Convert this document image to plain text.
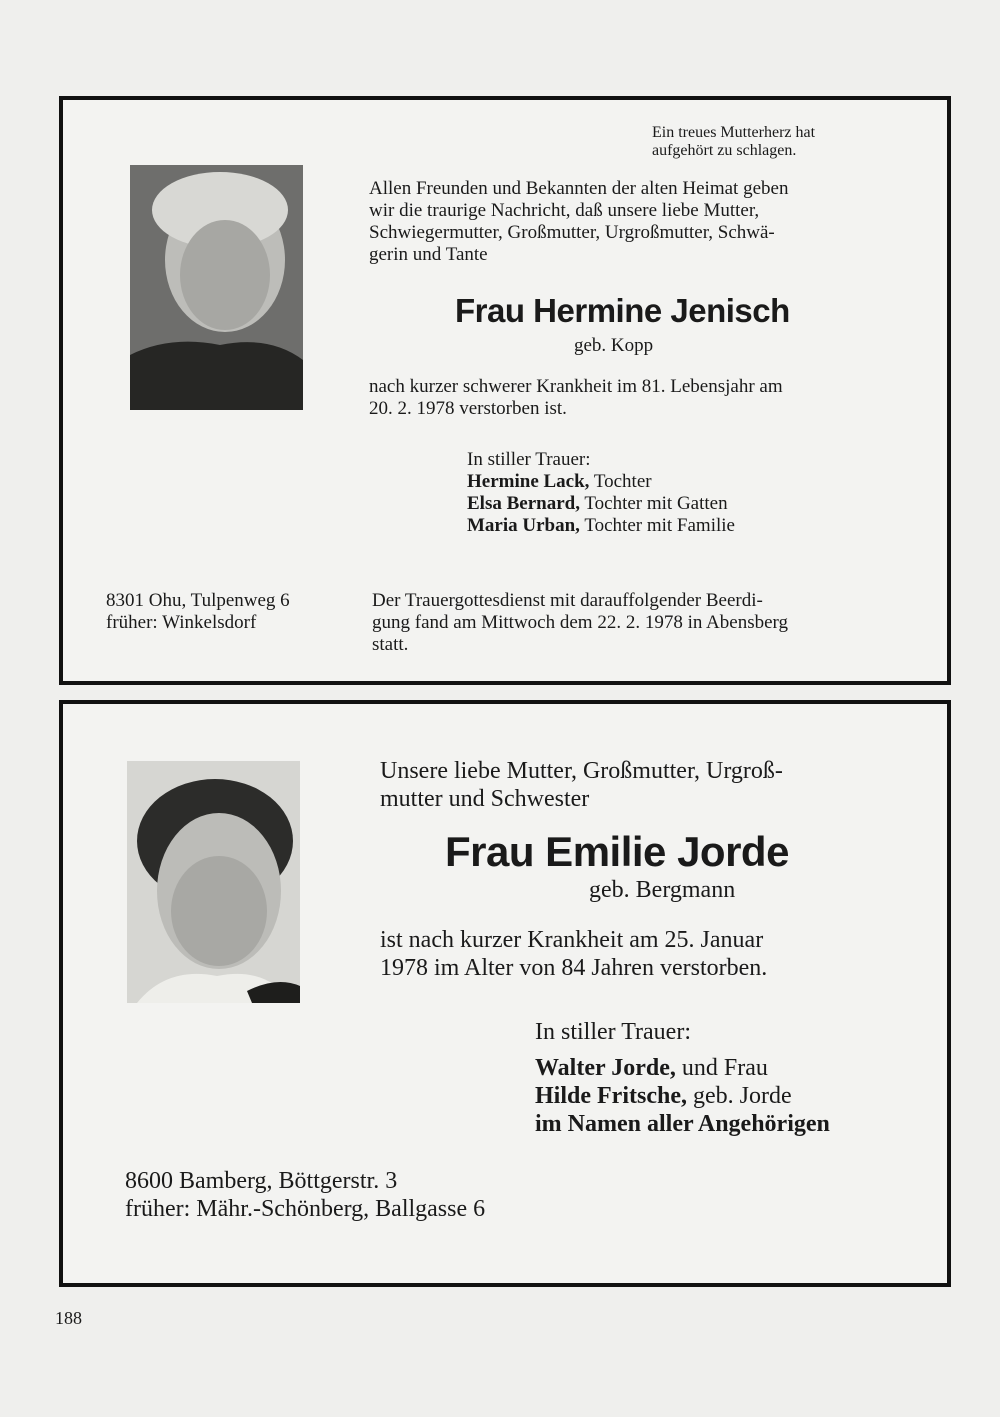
Ein treues Mutterherz hat
aufgehört zu schlagen.
Allen Freunden und Bekannten der alten Heimat geben
wir die traurige Nachricht, daß unsere liebe Mutter,
Schwiegermutter, Großmutter, Urgroßmutter, Schwä-
gerin und Tante
Frau Hermine Jenisch
geb. Kopp
nach kurzer schwerer Krankheit im 81. Lebensjahr am
20. 2. 1978 verstorben ist.
In stiller Trauer:
Hermine Lack, Tochter
Elsa Bernard, Tochter mit Gatten
Maria Urban, Tochter mit Familie
8301 Ohu, Tulpenweg 6
früher: Winkelsdorf
Der Trauergottesdienst mit darauffolgender Beerdi-
gung fand am Mittwoch dem 22. 2. 1978 in Abensberg
statt.
Unsere liebe Mutter, Großmutter, Urgroß-
mutter und Schwester
Frau Emilie Jorde
geb. Bergmann
ist nach kurzer Krankheit am 25. Januar
1978 im Alter von 84 Jahren verstorben.
In stiller Trauer:
Walter Jorde, und Frau
Hilde Fritsche, geb. Jorde
im Namen aller Angehörigen
8600 Bamberg, Böttgerstr. 3
früher: Mähr.-Schönberg, Ballgasse 6
188
